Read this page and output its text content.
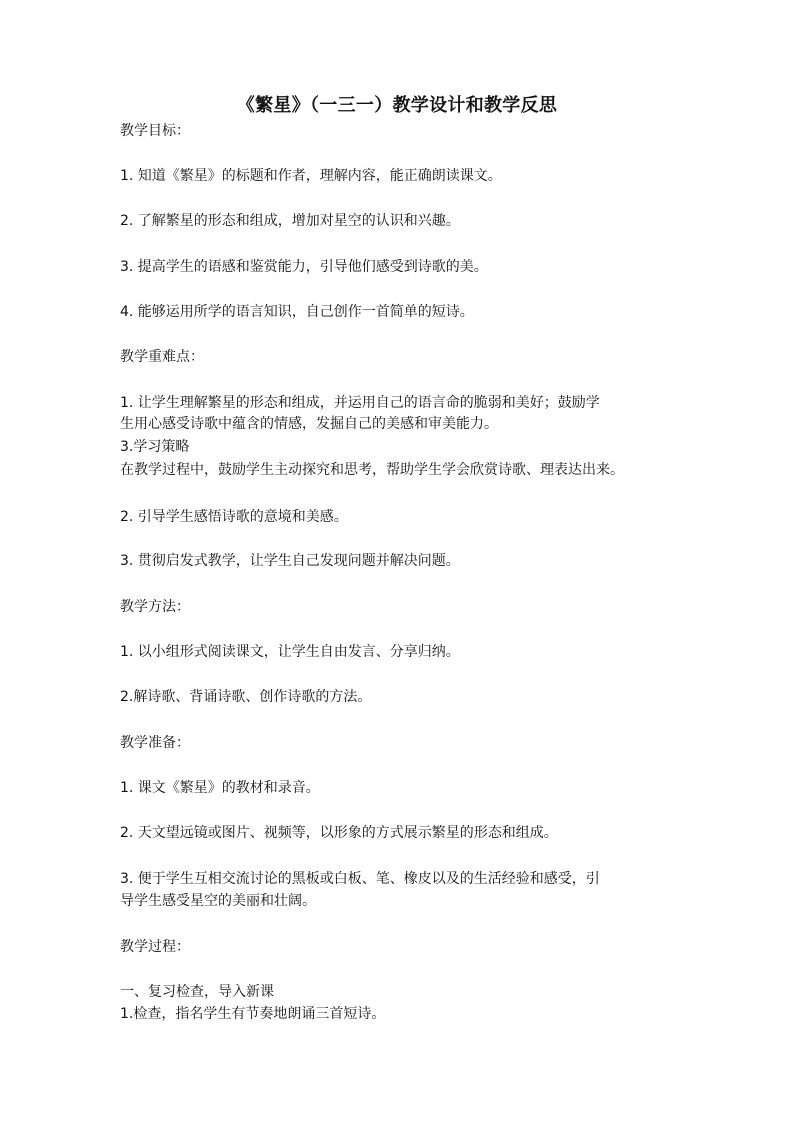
《繁星》（一三一）教学设计和教学反思
教学目标：
1. 知道《繁星》的标题和作者，理解内容，能正确朗读课文。
2. 了解繁星的形态和组成，增加对星空的认识和兴趣。
3. 提高学生的语感和鉴赏能力，引导他们感受到诗歌的美。
4. 能够运用所学的语言知识，自己创作一首简单的短诗。
教学重难点：
1. 让学生理解繁星的形态和组成，并运用自己的语言命的脆弱和美好；鼓励学
生用心感受诗歌中蕴含的情感，发掘自己的美感和审美能力。
3.学习策略
在教学过程中，鼓励学生主动探究和思考，帮助学生学会欣赏诗歌、理表达出来。
2. 引导学生感悟诗歌的意境和美感。
3. 贯彻启发式教学，让学生自己发现问题并解决问题。
教学方法：
1. 以小组形式阅读课文，让学生自由发言、分享归纳。
2.解诗歌、背诵诗歌、创作诗歌的方法。
教学准备：
1. 课文《繁星》的教材和录音。
2. 天文望远镜或图片、视频等，以形象的方式展示繁星的形态和组成。
3. 便于学生互相交流讨论的黑板或白板、笔、橡皮以及的生活经验和感受，引
导学生感受星空的美丽和壮阔。
教学过程：
一、复习检查，导入新课
1.检查，指名学生有节奏地朗诵三首短诗。
